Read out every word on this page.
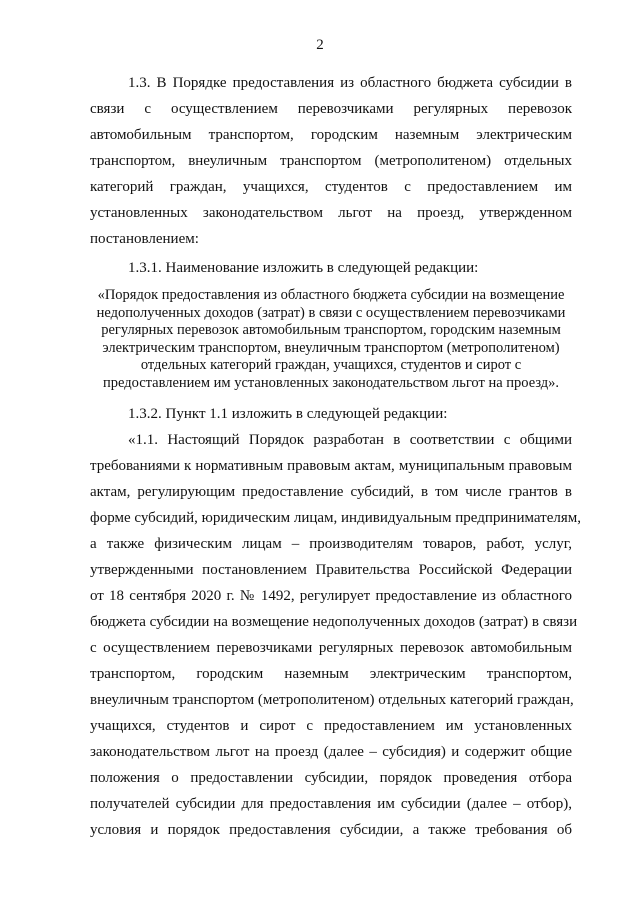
2
1.3. В Порядке предоставления из областного бюджета субсидии в
связи с осуществлением перевозчиками регулярных перевозок
автомобильным транспортом, городским наземным электрическим
транспортом, внеуличным транспортом (метрополитеном) отдельных
категорий граждан, учащихся, студентов с предоставлением им
установленных законодательством льгот на проезд, утвержденном
постановлением:
1.3.1. Наименование изложить в следующей редакции:
«Порядок предоставления из областного бюджета субсидии на возмещение
недополученных доходов (затрат) в связи с осуществлением перевозчиками
регулярных перевозок автомобильным транспортом, городским наземным
электрическим транспортом, внеуличным транспортом (метрополитеном)
отдельных категорий граждан, учащихся, студентов и сирот с
предоставлением им установленных законодательством льгот на проезд».
1.3.2. Пункт 1.1 изложить в следующей редакции:
«1.1. Настоящий Порядок разработан в соответствии с общими
требованиями к нормативным правовым актам, муниципальным правовым
актам, регулирующим предоставление субсидий, в том числе грантов в
форме субсидий, юридическим лицам, индивидуальным предпринимателям,
а также физическим лицам – производителям товаров, работ, услуг,
утвержденными постановлением Правительства Российской Федерации
от 18 сентября 2020 г. № 1492, регулирует предоставление из областного
бюджета субсидии на возмещение недополученных доходов (затрат) в связи
с осуществлением перевозчиками регулярных перевозок автомобильным
транспортом, городским наземным электрическим транспортом,
внеуличным транспортом (метрополитеном) отдельных категорий граждан,
учащихся, студентов и сирот с предоставлением им установленных
законодательством льгот на проезд (далее – субсидия) и содержит общие
положения о предоставлении субсидии, порядок проведения отбора
получателей субсидии для предоставления им субсидии (далее – отбор),
условия и порядок предоставления субсидии, а также требования об
